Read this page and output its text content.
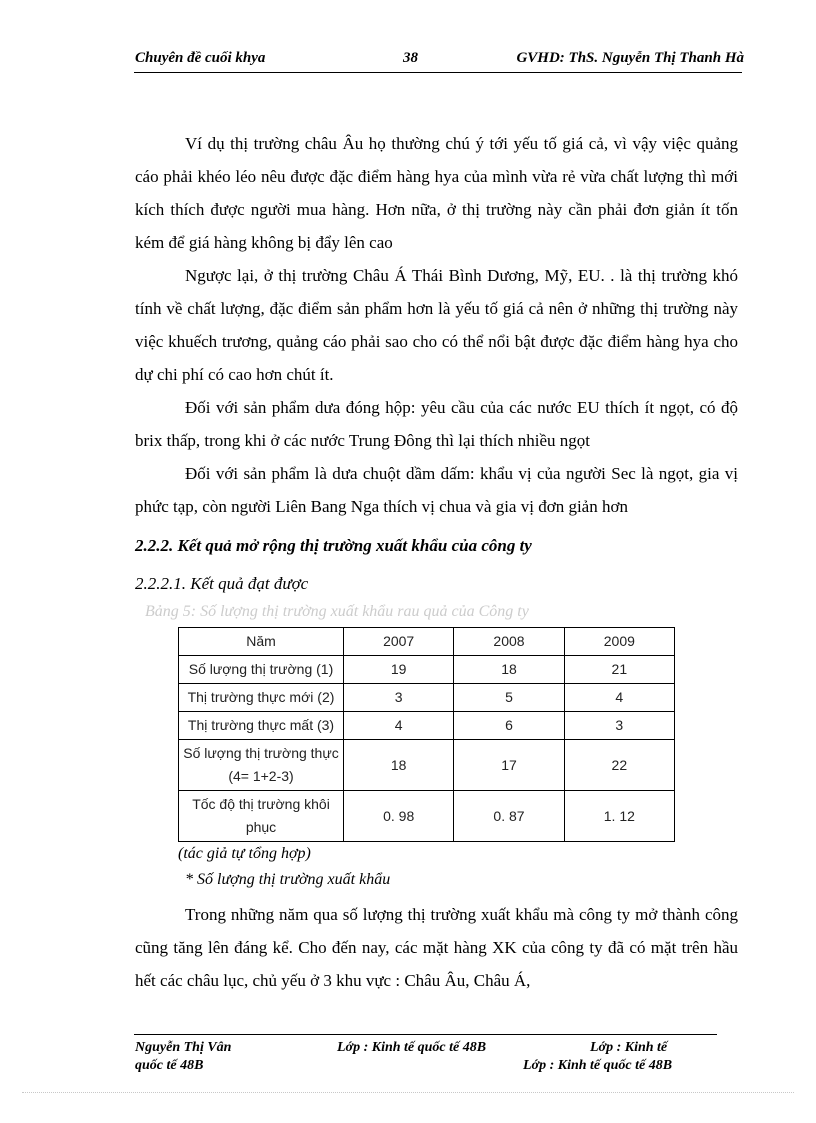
Chuyên đề cuối khya	38	GVHD: ThS. Nguyễn Thị Thanh Hà

Ví dụ thị trường châu Âu họ thường chú ý tới yếu tố giá cả, vì vậy việc quảng cáo phải khéo léo nêu được đặc điểm hàng hya của mình vừa rẻ vừa chất lượng thì mới kích thích được người mua hàng. Hơn nữa, ở thị trường này cần phải đơn giản ít tốn kém để giá hàng không bị đẩy lên cao

Ngược lại, ở thị trường Châu Á Thái Bình Dương, Mỹ, EU. . là thị trường khó tính về chất lượng, đặc điểm sản phẩm hơn là yếu tố giá cả nên ở những thị trường này việc khuếch trương, quảng cáo phải sao cho có thể nổi bật được đặc điểm hàng hya cho dự chi phí có cao hơn chút ít.

Đối với sản phẩm dưa đóng hộp: yêu cầu của các nước EU thích ít ngọt, có độ brix thấp, trong khi ở các nước Trung Đông thì lại thích nhiều ngọt

Đối với sản phẩm là dưa chuột dầm dấm: khẩu vị của người Sec là ngọt, gia vị phức tạp, còn người Liên Bang Nga thích vị chua và gia vị đơn giản hơn

2.2.2. Kết quả mở rộng thị trường xuất khẩu của công ty
2.2.2.1. Kết quả đạt được
Bảng 5: Số lượng thị trường xuất khẩu rau quả của Công ty
Năm	2007	2008	2009
Số lượng thị trường (1)	19	18	21
Thị trường thực mới (2)	3	5	4
Thị trường thực mất (3)	4	6	3
Số lượng thị trường thực (4= 1+2-3)	18	17	22
Tốc độ thị trường khôi phục	0. 98	0. 87	1. 12
(tác giả tự tổng hợp)
* Số lượng thị trường xuất khẩu

Trong những năm qua số lượng thị trường xuất khẩu mà công ty mở thành công cũng tăng lên đáng kể. Cho đến nay, các mặt hàng XK của công ty đã có mặt trên hầu hết các châu lục, chủ yếu ở 3 khu vực : Châu Âu, Châu Á,

Nguyễn Thị Vân	Lớp : Kinh tế quốc tế 48B	Lớp : Kinh tế
quốc tế 48B	Lớp : Kinh tế quốc tế 48B
